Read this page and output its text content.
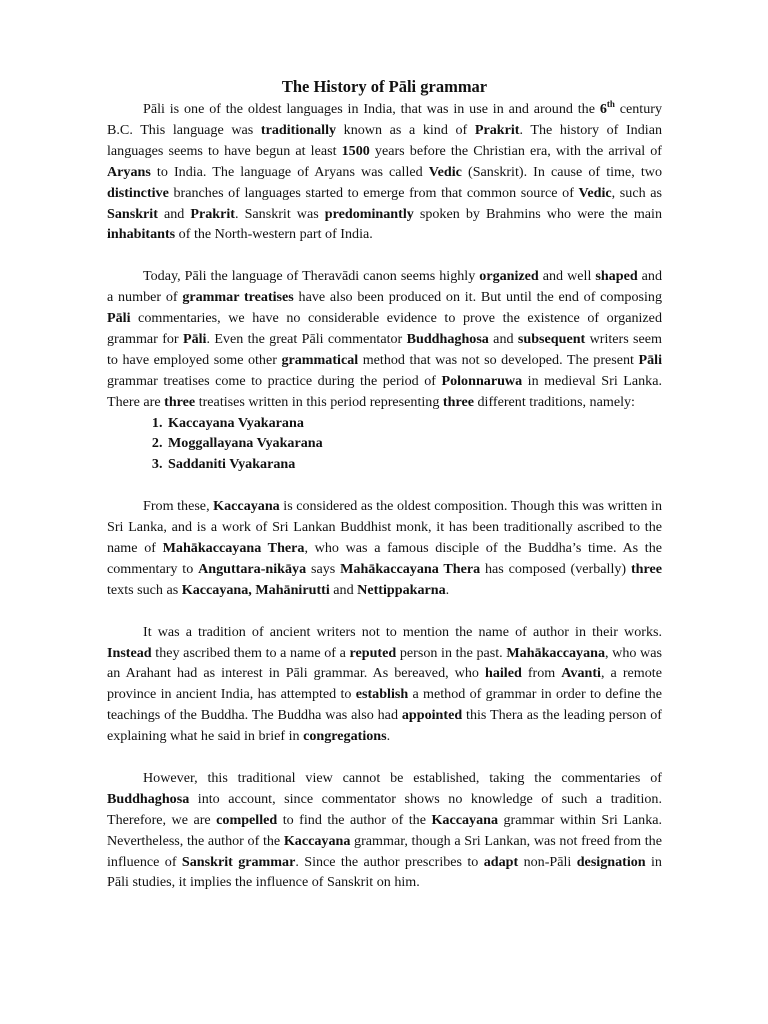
The History of Pāli grammar

Pāli is one of the oldest languages in India, that was in use in and around the 6th century B.C. This language was traditionally known as a kind of Prakrit. The history of Indian languages seems to have begun at least 1500 years before the Christian era, with the arrival of Aryans to India. The language of Aryans was called Vedic (Sanskrit). In cause of time, two distinctive branches of languages started to emerge from that common source of Vedic, such as Sanskrit and Prakrit. Sanskrit was predominantly spoken by Brahmins who were the main inhabitants of the North-western part of India.

Today, Pāli the language of Theravādi canon seems highly organized and well shaped and a number of grammar treatises have also been produced on it. But until the end of composing Pāli commentaries, we have no considerable evidence to prove the existence of organized grammar for Pāli. Even the great Pāli commentator Buddhaghosa and subsequent writers seem to have employed some other grammatical method that was not so developed. The present Pāli grammar treatises come to practice during the period of Polonnaruwa in medieval Sri Lanka. There are three treatises written in this period representing three different traditions, namely:

1. Kaccayana Vyakarana
2. Moggallayana Vyakarana
3. Saddaniti Vyakarana

From these, Kaccayana is considered as the oldest composition. Though this was written in Sri Lanka, and is a work of Sri Lankan Buddhist monk, it has been traditionally ascribed to the name of Mahākaccayana Thera, who was a famous disciple of the Buddha’s time. As the commentary to Anguttara-nikāya says Mahākaccayana Thera has composed (verbally) three texts such as Kaccayana, Mahānirutti and Nettippakarna.

It was a tradition of ancient writers not to mention the name of author in their works. Instead they ascribed them to a name of a reputed person in the past. Mahākaccayana, who was an Arahant had as interest in Pāli grammar. As bereaved, who hailed from Avanti, a remote province in ancient India, has attempted to establish a method of grammar in order to define the teachings of the Buddha. The Buddha was also had appointed this Thera as the leading person of explaining what he said in brief in congregations.

However, this traditional view cannot be established, taking the commentaries of Buddhaghosa into account, since commentator shows no knowledge of such a tradition. Therefore, we are compelled to find the author of the Kaccayana grammar within Sri Lanka. Nevertheless, the author of the Kaccayana grammar, though a Sri Lankan, was not freed from the influence of Sanskrit grammar. Since the author prescribes to adapt non-Pāli designation in Pāli studies, it implies the influence of Sanskrit on him.
